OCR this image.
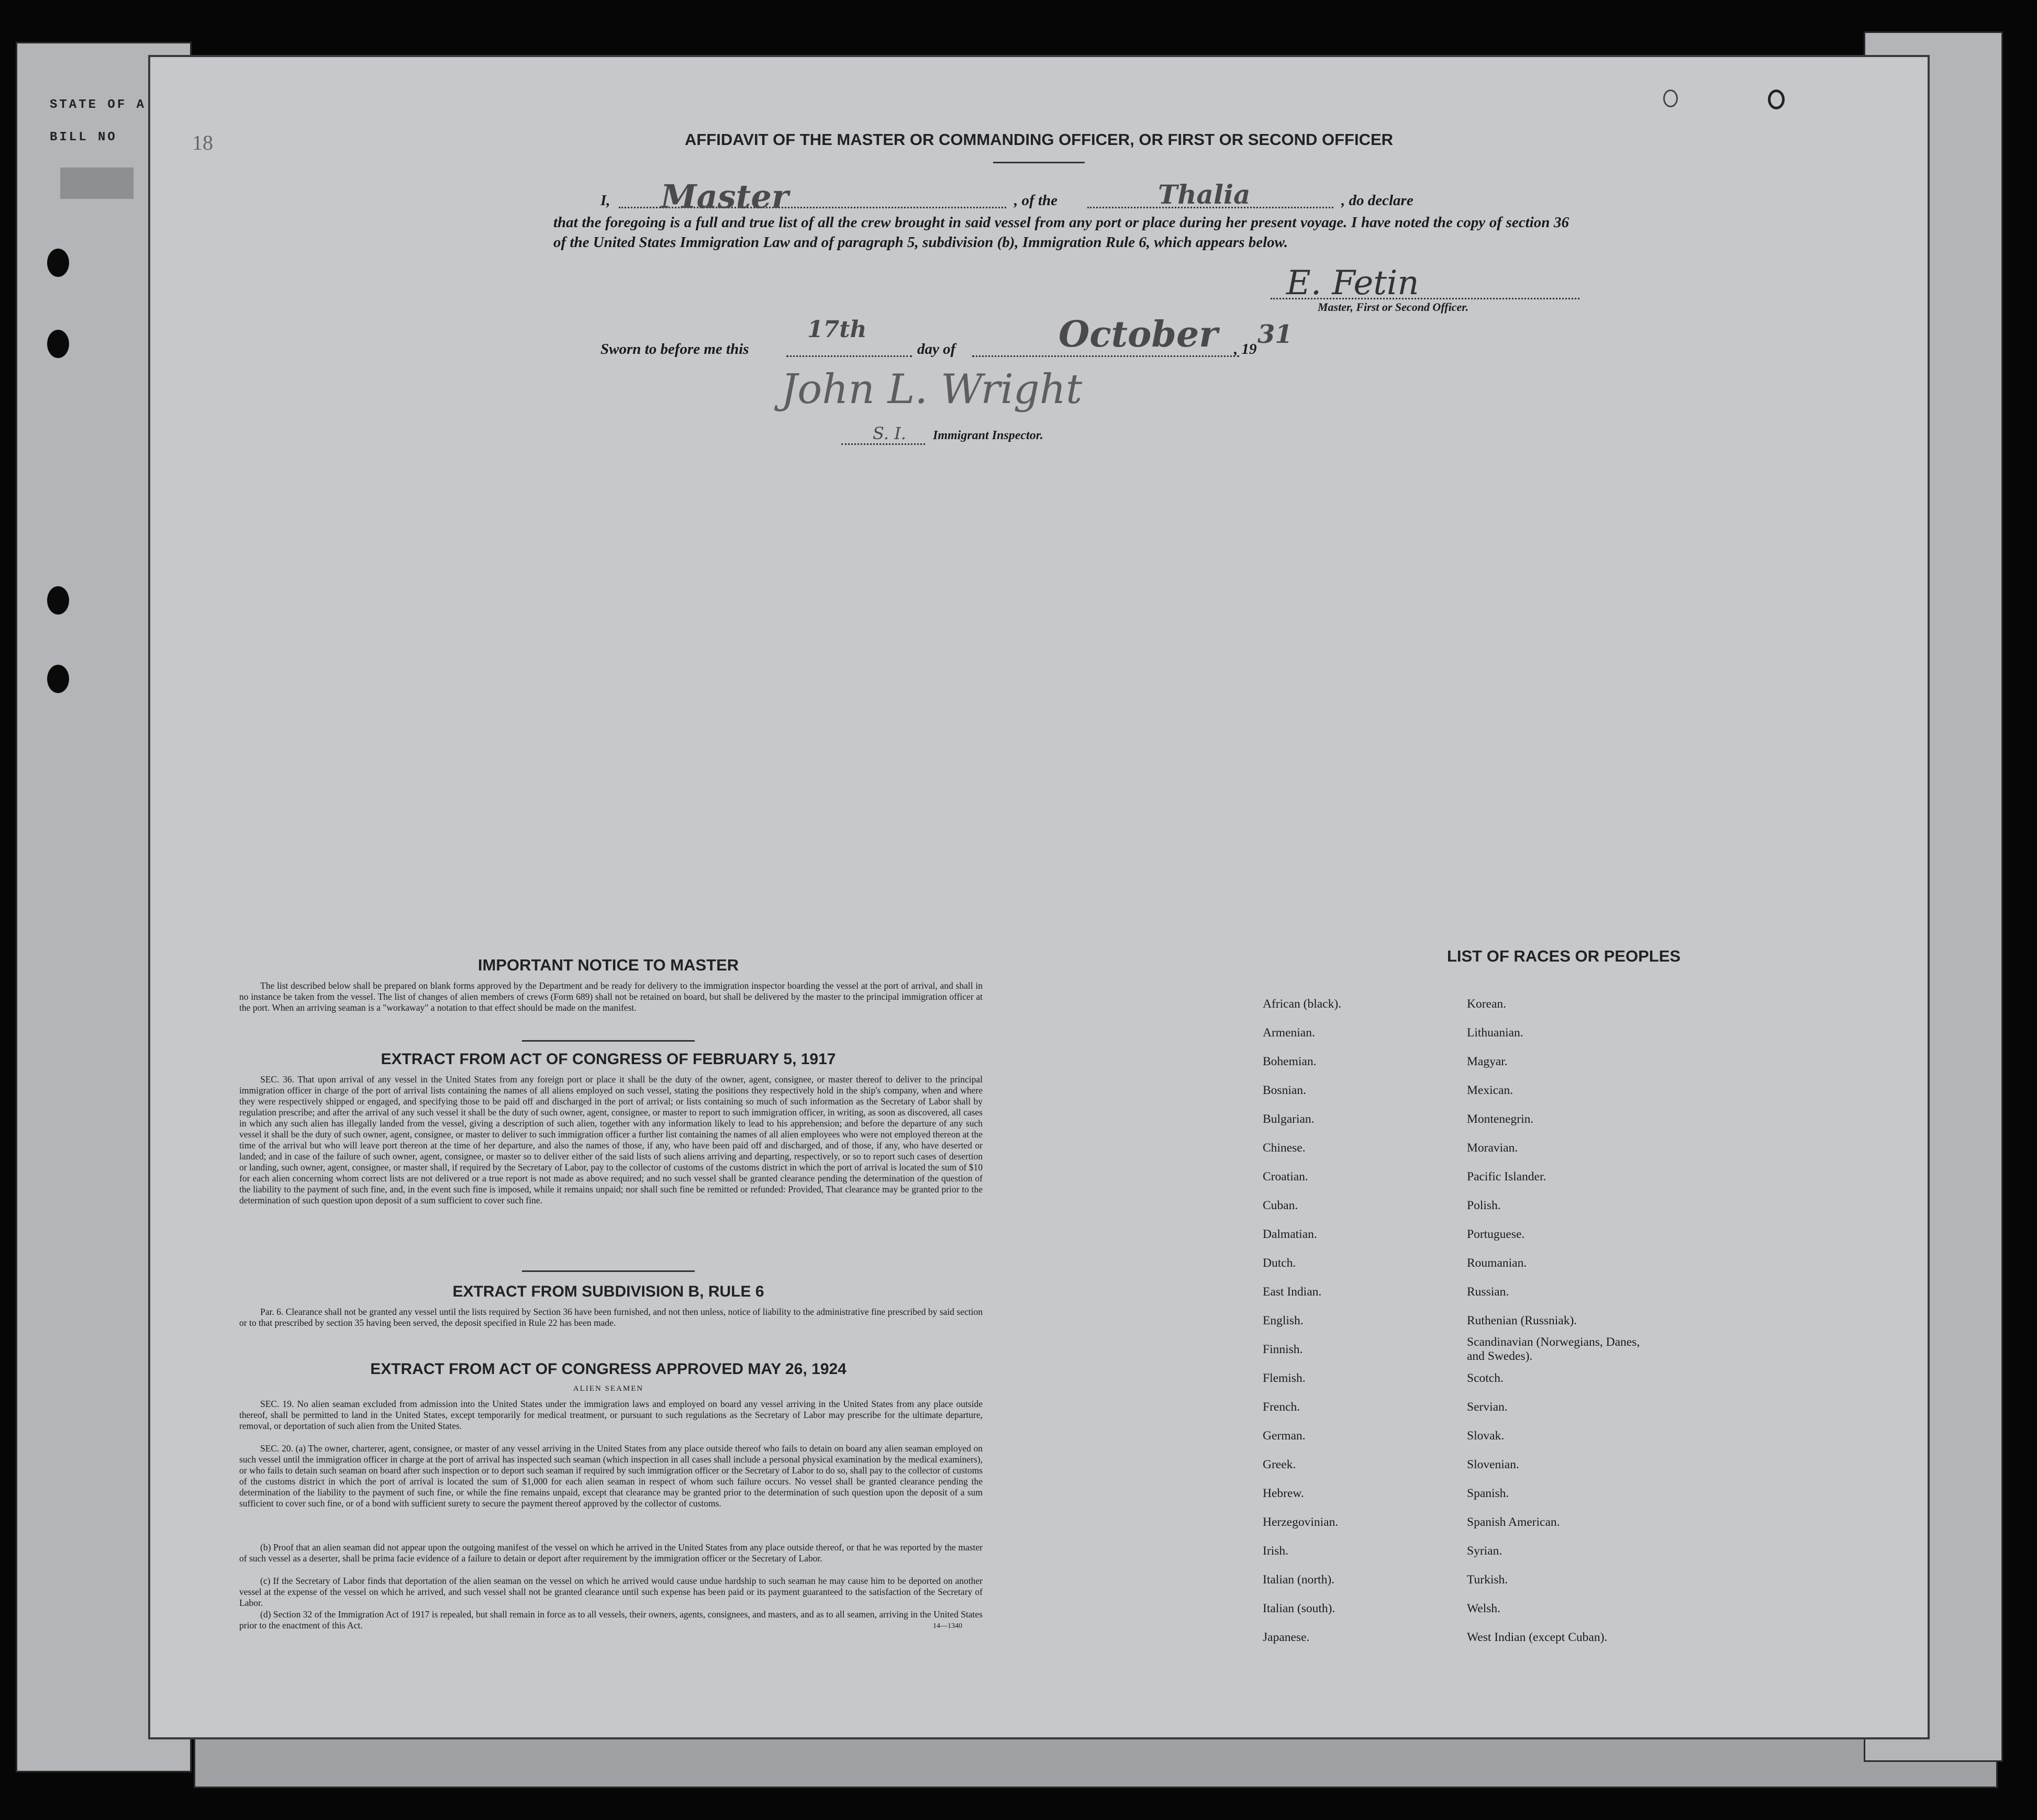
STATE OF A
BILL NO	18	AFFIDAVIT OF THE MASTER OR COMMANDING OFFICER, OR FIRST OR SECOND OFFICER
I, Master	, of the	Thalia	, do declare

that the foregoing is a full and true list of all the crew brought in said vessel from any port or place during her present voyage. I have noted the copy of section 36 of the United States Immigration Law and of paragraph 5, subdivision (b), Immigration Rule 6, which appears below.

E. Fetin
Master, First or Second Officer.
Sworn to before me this
17th
day of	October , 19 31
John L. Wright
S. I. Immigrant Inspector.
IMPORTANT NOTICE TO MASTER

The list described below shall be prepared on blank forms approved by the Department and be ready for delivery to the immigration inspector boarding the vessel at the port of arrival, and shall in no instance be taken from the vessel. The list of changes of alien members of crews (Form 689) shall not be retained on board, but shall be delivered by the master to the principal immigration officer at the port. When an arriving seaman is a "workaway" a notation to that effect should be made on the manifest.

EXTRACT FROM ACT OF CONGRESS OF FEBRUARY 5, 1917

SEC. 36. That upon arrival of any vessel in the United States from any foreign port or place it shall be the duty of the owner, agent, consignee, or master thereof to deliver to the principal immigration officer in charge of the port of arrival lists containing the names of all aliens employed on such vessel, stating the positions they respectively hold in the ship's company, when and where they were respectively shipped or engaged, and specifying those to be paid off and discharged in the port of arrival; or lists containing so much of such information as the Secretary of Labor shall by regulation prescribe; and after the arrival of any such vessel it shall be the duty of such owner, agent, consignee, or master to report to such immigration officer, in writing, as soon as discovered, all cases in which any such alien has illegally landed from the vessel, giving a description of such alien, together with any information likely to lead to his apprehension; and before the departure of any such vessel it shall be the duty of such owner, agent, consignee, or master to deliver to such immigration officer a further list containing the names of all alien employees who were not employed thereon at the time of the arrival but who will leave port thereon at the time of her departure, and also the names of those, if any, who have been paid off and discharged, and of those, if any, who have deserted or landed; and in case of the failure of such owner, agent, consignee, or master so to deliver either of the said lists of such aliens arriving and departing, respectively, or so to report such cases of desertion or landing, such owner, agent, consignee, or master shall, if required by the Secretary of Labor, pay to the collector of customs of the customs district in which the port of arrival is located the sum of $10 for each alien concerning whom correct lists are not delivered or a true report is not made as above required; and no such vessel shall be granted clearance pending the determination of the question of the liability to the payment of such fine, and, in the event such fine is imposed, while it remains unpaid; nor shall such fine be remitted or refunded: Provided, That clearance may be granted prior to the determination of such question upon deposit of a sum sufficient to cover such fine.

EXTRACT FROM SUBDIVISION B, RULE 6

Par. 6. Clearance shall not be granted any vessel until the lists required by Section 36 have been furnished, and not then unless, notice of liability to the administrative fine prescribed by said section or to that prescribed by section 35 having been served, the deposit specified in Rule 22 has been made.

EXTRACT FROM ACT OF CONGRESS APPROVED MAY 26, 1924
ALIEN SEAMEN

SEC. 19. No alien seaman excluded from admission into the United States under the immigration laws and employed on board any vessel arriving in the United States from any place outside thereof, shall be permitted to land in the United States, except temporarily for medical treatment, or pursuant to such regulations as the Secretary of Labor may prescribe for the ultimate departure, removal, or deportation of such alien from the United States.

SEC. 20. (a) The owner, charterer, agent, consignee, or master of any vessel arriving in the United States from any place outside thereof who fails to detain on board any alien seaman employed on such vessel until the immigration officer in charge at the port of arrival has inspected such seaman (which inspection in all cases shall include a personal physical examination by the medical examiners), or who fails to detain such seaman on board after such inspection or to deport such seaman if required by such immigration officer or the Secretary of Labor to do so, shall pay to the collector of customs of the customs district in which the port of arrival is located the sum of $1,000 for each alien seaman in respect of whom such failure occurs. No vessel shall be granted clearance pending the determination of the liability to the payment of such fine, or while the fine remains unpaid, except that clearance may be granted prior to the determination of such question upon the deposit of a sum sufficient to cover such fine, or of a bond with sufficient surety to secure the payment thereof approved by the collector of customs.

(b) Proof that an alien seaman did not appear upon the outgoing manifest of the vessel on which he arrived in the United States from any place outside thereof, or that he was reported by the master of such vessel as a deserter, shall be prima facie evidence of a failure to detain or deport after requirement by the immigration officer or the Secretary of Labor.

(c) If the Secretary of Labor finds that deportation of the alien seaman on the vessel on which he arrived would cause undue hardship to such seaman he may cause him to be deported on another vessel at the expense of the vessel on which he arrived, and such vessel shall not be granted clearance until such expense has been paid or its payment guaranteed to the satisfaction of the Secretary of Labor.

(d) Section 32 of the Immigration Act of 1917 is repealed, but shall remain in force as to all vessels, their owners, agents, consignees, and masters, and as to all seamen, arriving in the United States prior to the enactment of this Act.	14—1340
LIST OF RACES OR PEOPLES
African (black).
Armenian.
Bohemian.
Bosnian.
Bulgarian.
Chinese.
Croatian.
Cuban.
Dalmatian.
Dutch.
East Indian.
English.
Finnish.
Flemish.
French.
German.
Greek.
Hebrew.
Herzegovinian.
Irish.
Italian (north).
Italian (south).
Japanese.
Korean.
Lithuanian.
Magyar.
Mexican.
Montenegrin.
Moravian.
Pacific Islander.
Polish.
Portuguese.
Roumanian.
Russian.
Ruthenian (Russniak).
Scandinavian (Norwegians, Danes, and Swedes).
Scotch.
Servian.
Slovak.
Slovenian.
Spanish.
Spanish American.
Syrian.
Turkish.
Welsh.
West Indian (except Cuban).
